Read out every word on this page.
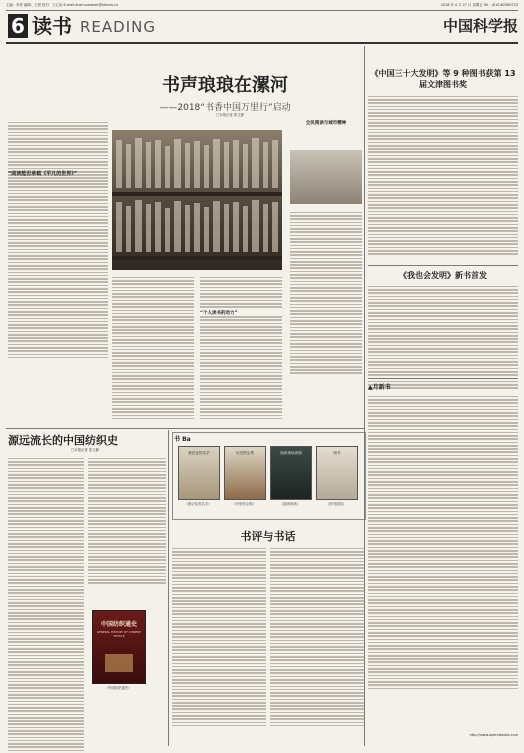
主编：李菲 编辑：王树 校对：王心怡 E-mail:dushuumbzer@stimes.cn	2018 年 4 月 27 日 星期五 Tel：(010)62580723
6 读书 READING	中国科学报
书声琅琅在漯河
——2018“书香中国万里行”启动
□本报记者 张文静
“阅读能否承载《平凡的世界》”
“个人读书的动力”
全民阅读与城市精神
《中国三十大发明》等 9 种图书获第 13 届文津图书奖
《我也会发明》新书首发
▲月新书
http://www.opendbooks.com
源远流长的中国纺织史
□本报记者 张文静
中国纺织通史
GENERAL HISTORY OF CHINESE TEXTILE
《中国纺织通史》
书 Ba
被记住的名字	历史的尘埃	阅读现场读图	图书
《被记住的名字》	《历史的尘埃》	《阅读现场》	《图书封面》
书评与书话
